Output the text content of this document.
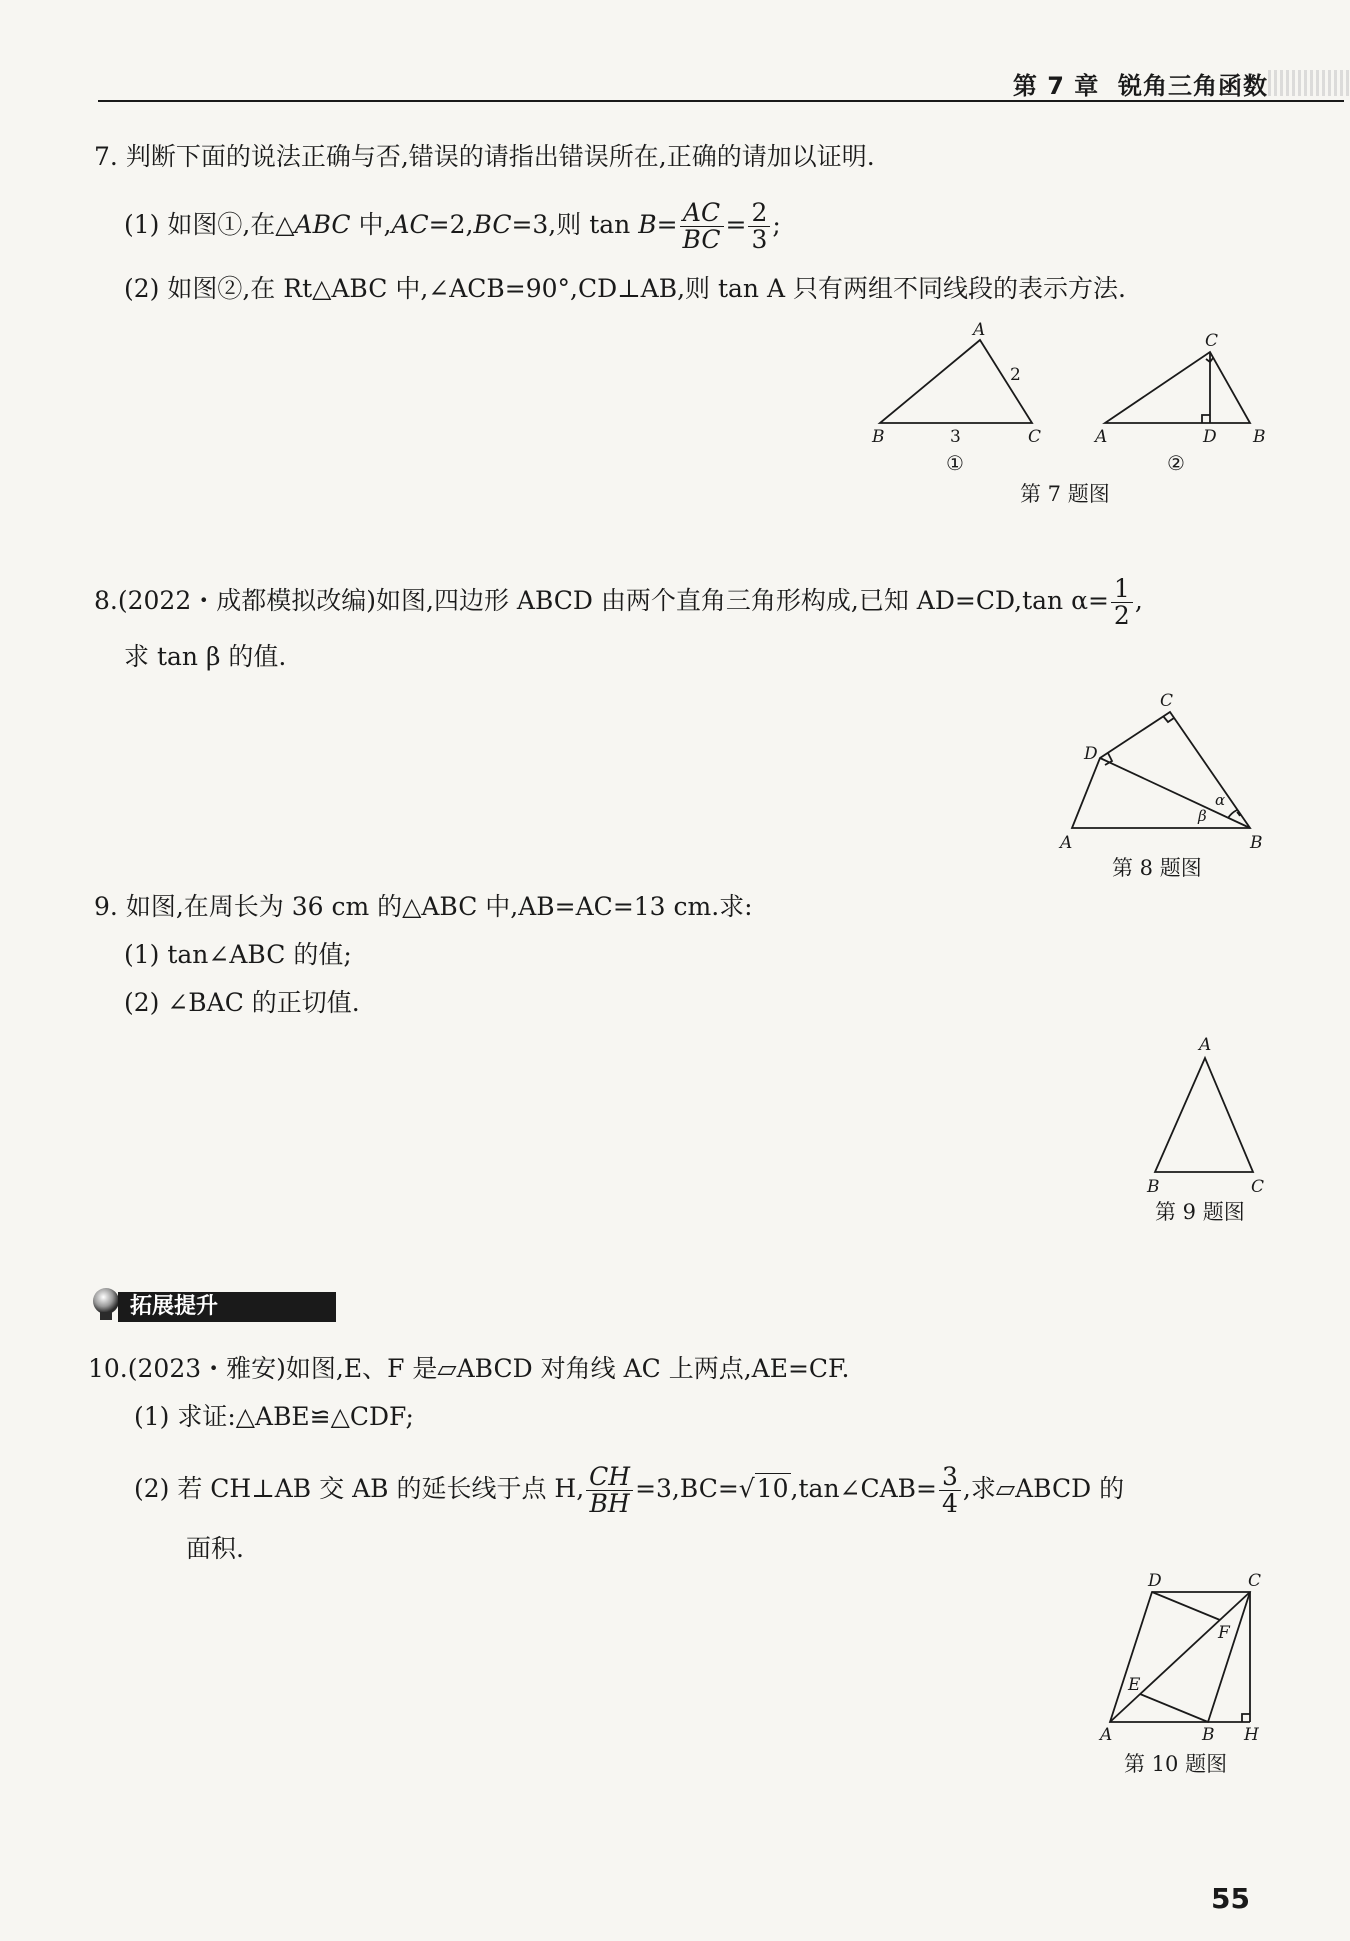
第 7 章 锐角三角函数
7. 判断下面的说法正确与否,错误的请指出错误所在,正确的请加以证明.
(1) 如图①,在△ABC 中,AC=2,BC=3,则 $\tan B= \frac{AC}{BC} = \frac{2}{3}$ ;
(2) 如图②,在 Rt△ABC 中,∠ACB=90°,CD⊥AB,则 tan A 只有两组不同线段的表示方法.
A
B	C
2
3
①
C
A	D B
②
第 7 题图
8.(2022・成都模拟改编)如图,四边形 ABCD 由两个直角三角形构成,已知 AD=CD,tan $\alpha= \frac{1}{2}$ ,
求 tan β 的值.
C
D
A	B
α
β
第 8 题图
9. 如图,在周长为 36 cm 的△ABC 中,AB=AC=13 cm.求:
(1) tan∠ABC 的值;
(2) ∠BAC 的正切值.
A
B	C
第 9 题图
拓展提升
10.(2023・雅安)如图,E、F 是▱ABCD 对角线 AC 上两点,AE=CF.
(1) 求证:△ABE≌△CDF;
(2) 若 CH⊥AB 交 AB 的延长线于点 H, $\frac{CH}{BH}$ =3,BC=√10,tan∠CAB= $\frac{3}{4}$ ,求▱ABCD 的
面积.
D	C
F
E
A	B H
第 10 题图
55
